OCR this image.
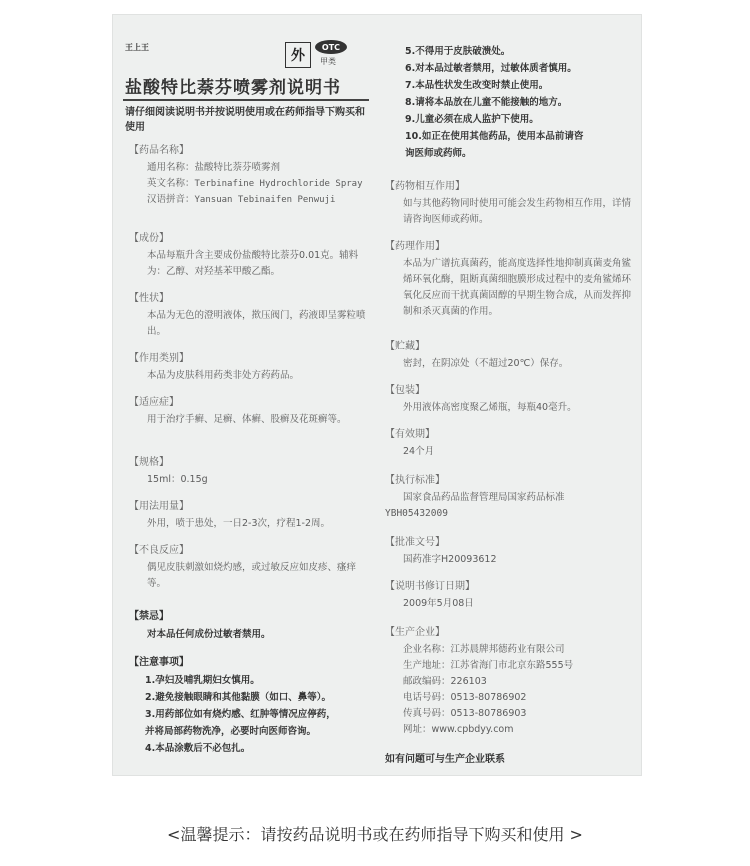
王上王
外
OTC
甲类
盐酸特比萘芬喷雾剂说明书
请仔细阅读说明书并按说明使用或在药师指导下购买和使用
【药品名称】
通用名称： 盐酸特比萘芬喷雾剂
英文名称： Terbinafine Hydrochloride Spray
汉语拼音： Yansuan Tebinaifen Penwuji
【成份】
本品每瓶升含主要成份盐酸特比萘芬0.01克。辅料为：乙醇、对羟基苯甲酸乙酯。
【性状】
本品为无色的澄明液体，揿压阀门，药液即呈雾粒喷出。
【作用类别】
本品为皮肤科用药类非处方药药品。
【适应症】
用于治疗手癣、足癣、体癣、股癣及花斑癣等。
【规格】
15ml：0.15g
【用法用量】
外用，喷于患处，一日2-3次，疗程1-2周。
【不良反应】
偶见皮肤刺激如烧灼感，或过敏反应如皮疹、瘙痒等。
【禁忌】
对本品任何成份过敏者禁用。
【注意事项】
1.孕妇及哺乳期妇女慎用。
2.避免接触眼睛和其他黏膜（如口、鼻等）。
3.用药部位如有烧灼感、红肿等情况应停药，
并将局部药物洗净，必要时向医师咨询。
4.本品涂敷后不必包扎。
5.不得用于皮肤破溃处。
6.对本品过敏者禁用，过敏体质者慎用。
7.本品性状发生改变时禁止使用。
8.请将本品放在儿童不能接触的地方。
9.儿童必须在成人监护下使用。
10.如正在使用其他药品，使用本品前请咨
询医师或药师。
【药物相互作用】
如与其他药物同时使用可能会发生药物相互作用，详情请咨询医师或药师。
【药理作用】
本品为广谱抗真菌药，能高度选择性地抑制真菌麦角鲨烯环氧化酶，阻断真菌细胞膜形成过程中的麦角鲨烯环氧化反应而干扰真菌固醇的早期生物合成，从而发挥抑制和杀灭真菌的作用。
【贮藏】
密封，在阴凉处（不超过20℃）保存。
【包装】
外用液体高密度聚乙烯瓶，每瓶40毫升。
【有效期】
24个月
【执行标准】
国家食品药品监督管理局国家药品标准
YBH05432009
【批准文号】
国药准字H20093612
【说明书修订日期】
2009年5月08日
【生产企业】
企业名称： 江苏晨牌邦德药业有限公司
生产地址： 江苏省海门市北京东路555号
邮政编码： 226103
电话号码： 0513-80786902
传真号码： 0513-80786903
网址： www.cpbdyy.com
如有问题可与生产企业联系
<温馨提示：请按药品说明书或在药师指导下购买和使用 >
